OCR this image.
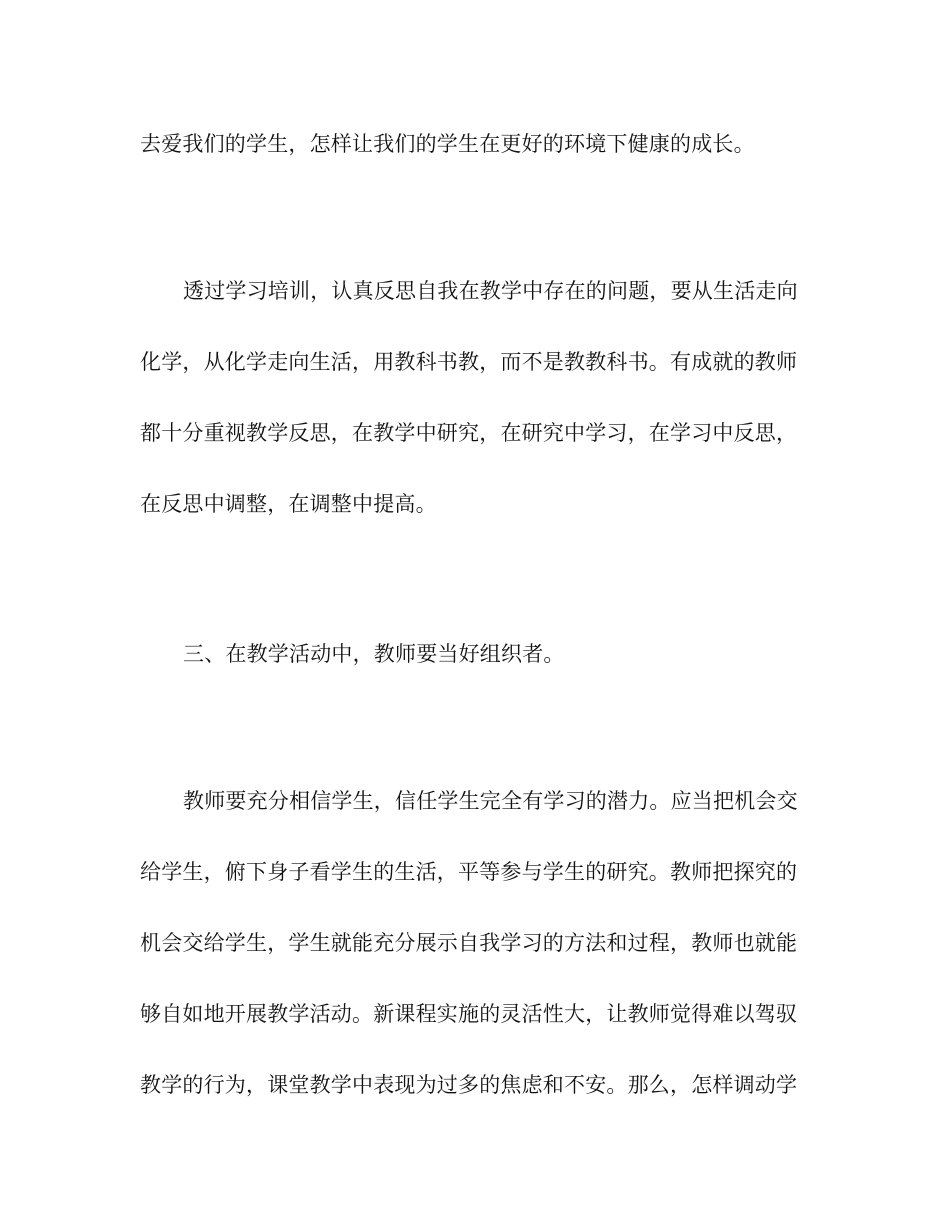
去爱我们的学生，怎样让我们的学生在更好的环境下健康的成长。
透过学习培训，认真反思自我在教学中存在的问题，要从生活走向
化学，从化学走向生活，用教科书教，而不是教教科书。有成就的教师
都十分重视教学反思，在教学中研究，在研究中学习，在学习中反思，
在反思中调整，在调整中提高。
三、在教学活动中，教师要当好组织者。
教师要充分相信学生，信任学生完全有学习的潜力。应当把机会交
给学生，俯下身子看学生的生活，平等参与学生的研究。教师把探究的
机会交给学生，学生就能充分展示自我学习的方法和过程，教师也就能
够自如地开展教学活动。新课程实施的灵活性大，让教师觉得难以驾驭
教学的行为，课堂教学中表现为过多的焦虑和不安。那么，怎样调动学
